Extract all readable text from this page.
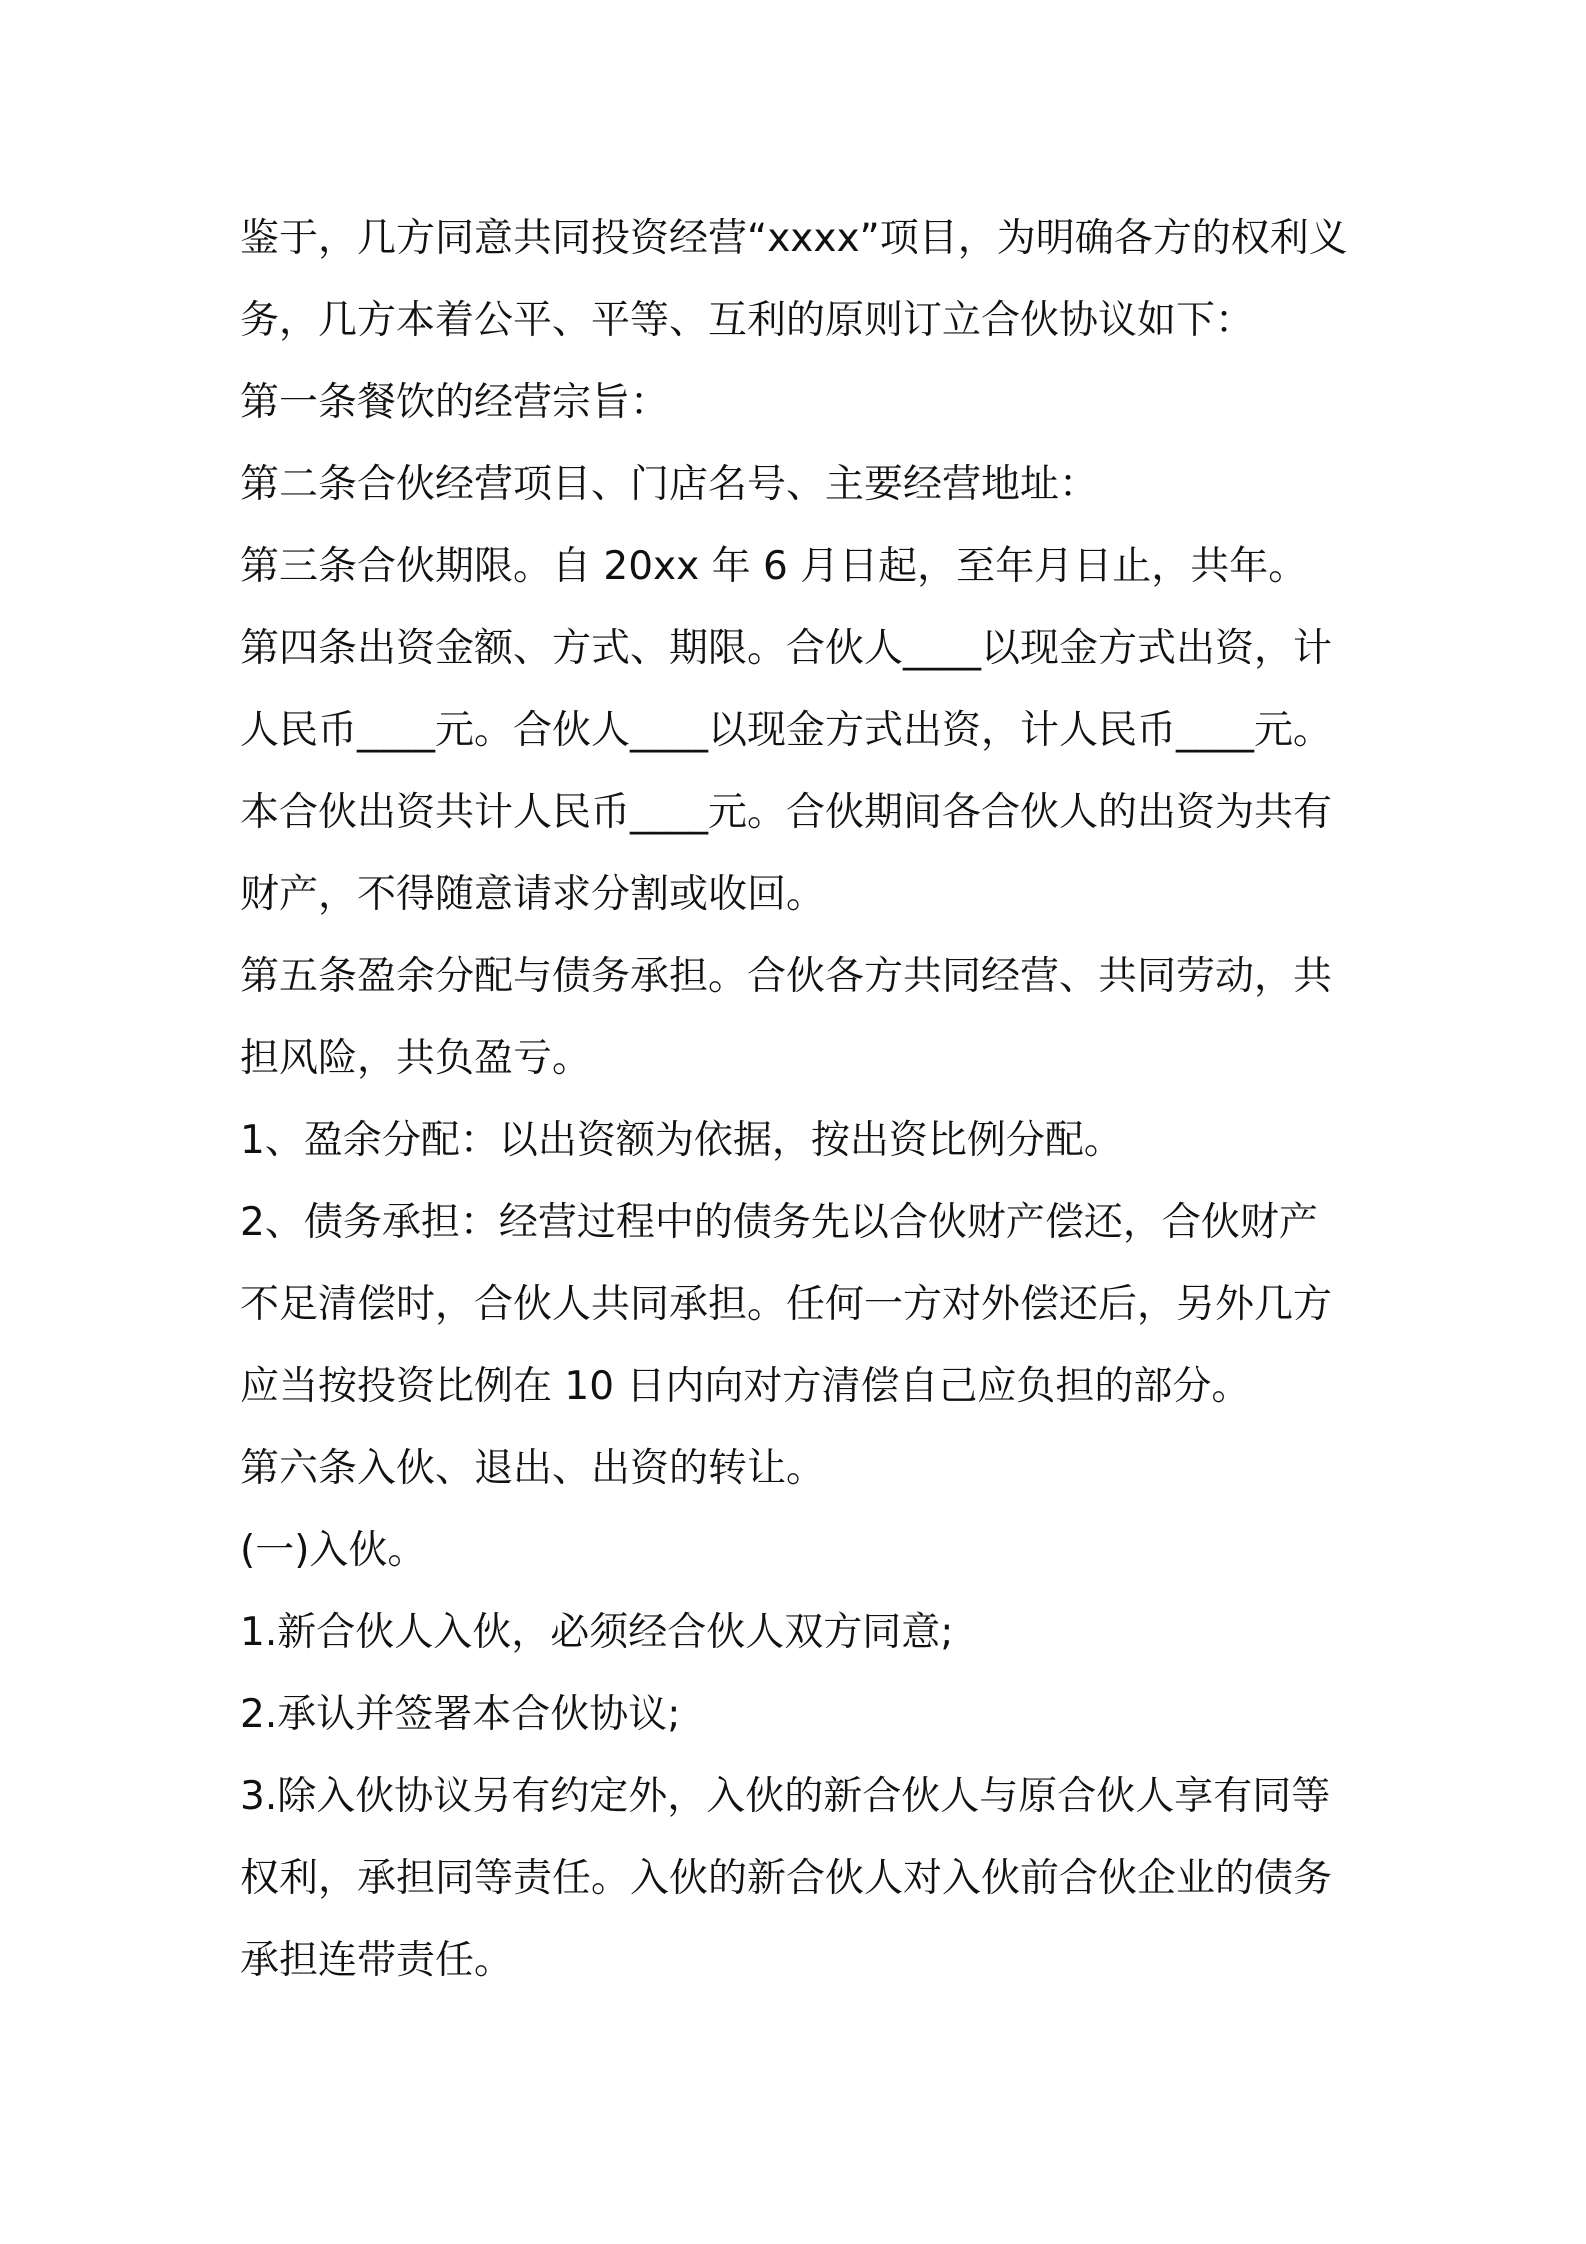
鉴于，几方同意共同投资经营“xxxx”项目，为明确各方的权利义务，几方本着公平、平等、互利的原则订立合伙协议如下：

第一条餐饮的经营宗旨：

第二条合伙经营项目、门店名号、主要经营地址：

第三条合伙期限。自 20xx 年 6 月日起，至年月日止，共年。

第四条出资金额、方式、期限。合伙人____以现金方式出资，计人民币____元。合伙人____以现金方式出资，计人民币____元。本合伙出资共计人民币____元。合伙期间各合伙人的出资为共有财产，不得随意请求分割或收回。

第五条盈余分配与债务承担。合伙各方共同经营、共同劳动，共担风险，共负盈亏。

1、盈余分配：以出资额为依据，按出资比例分配。

2、债务承担：经营过程中的债务先以合伙财产偿还，合伙财产不足清偿时，合伙人共同承担。任何一方对外偿还后，另外几方应当按投资比例在 10 日内向对方清偿自己应负担的部分。

第六条入伙、退出、出资的转让。

(一)入伙。

1.新合伙人入伙，必须经合伙人双方同意;

2.承认并签署本合伙协议;

3.除入伙协议另有约定外，入伙的新合伙人与原合伙人享有同等权利，承担同等责任。入伙的新合伙人对入伙前合伙企业的债务承担连带责任。
